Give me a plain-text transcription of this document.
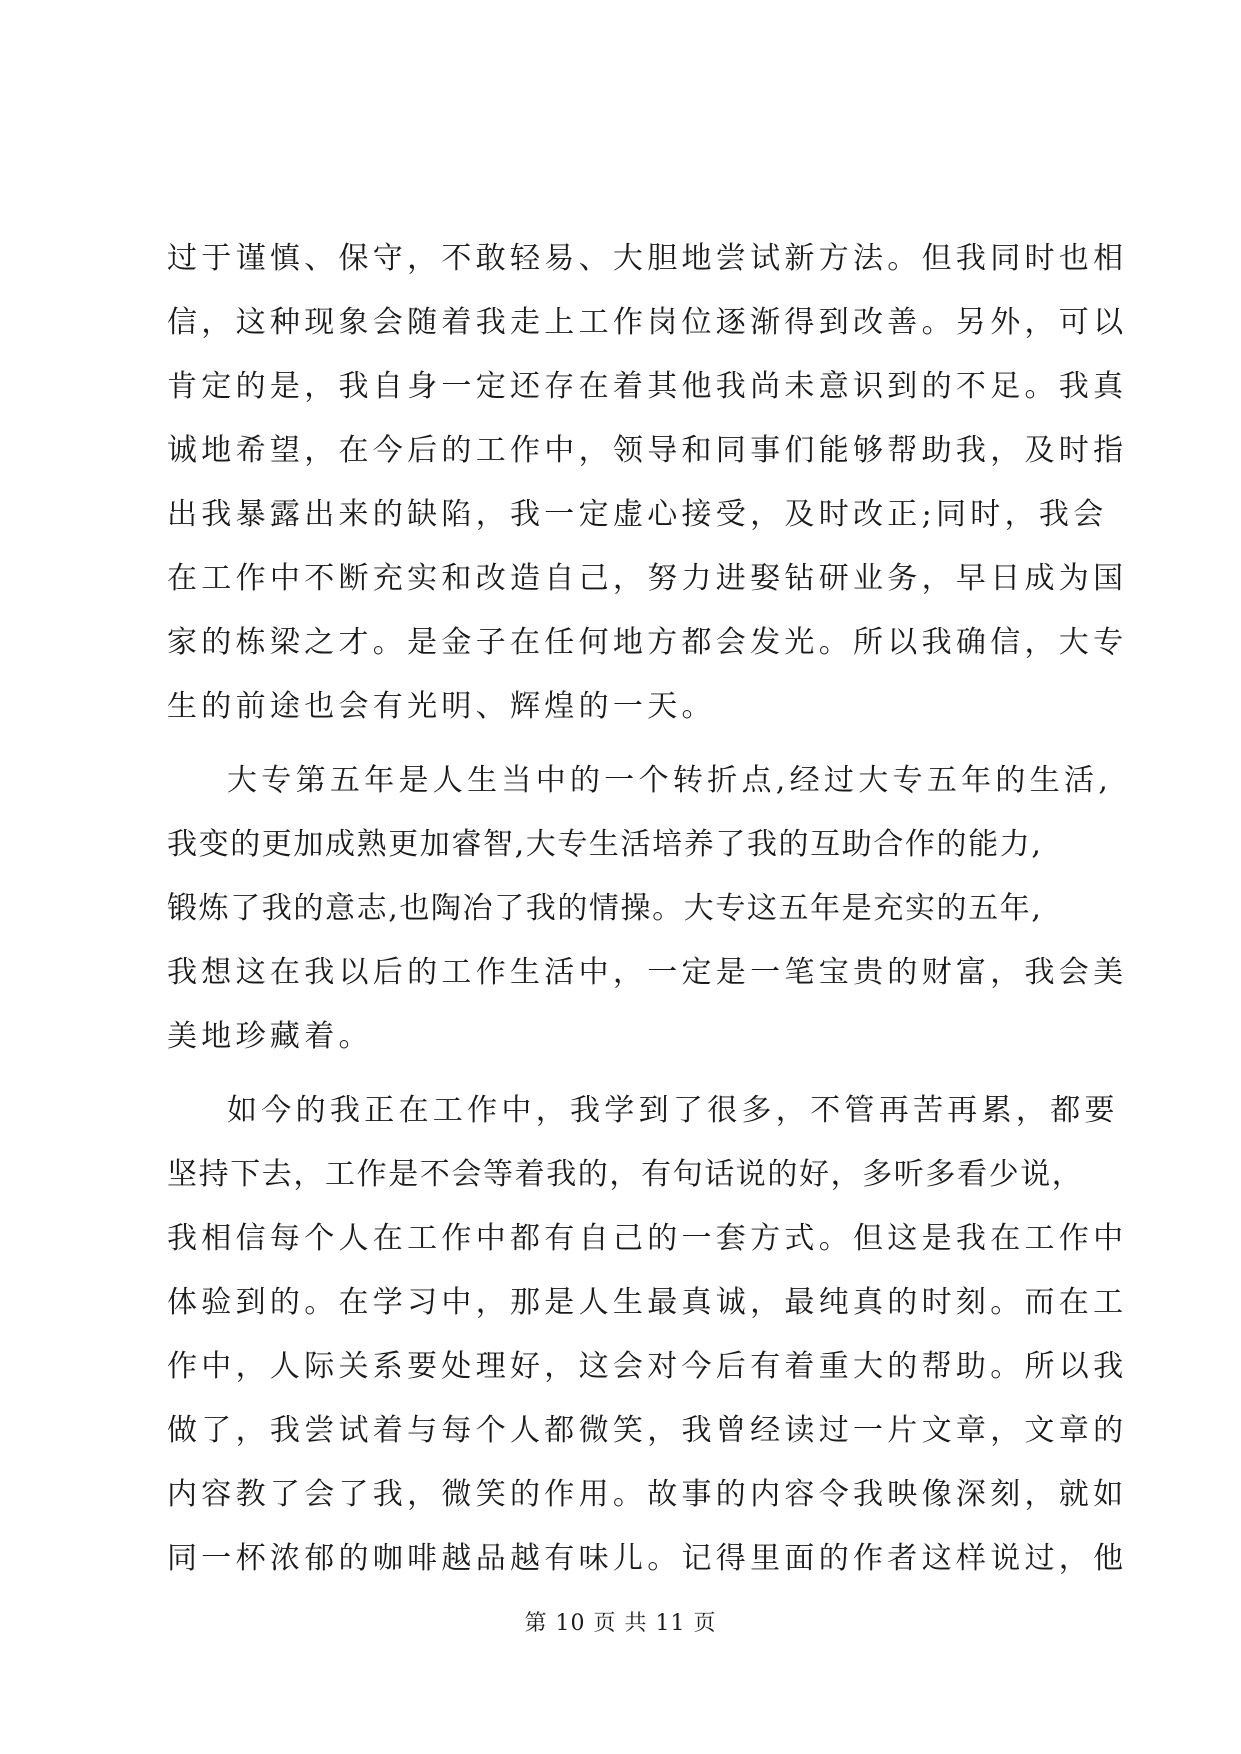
过于谨慎、保守，不敢轻易、大胆地尝试新方法。但我同时也相
信，这种现象会随着我走上工作岗位逐渐得到改善。另外，可以
肯定的是，我自身一定还存在着其他我尚未意识到的不足。我真
诚地希望，在今后的工作中，领导和同事们能够帮助我，及时指
出我暴露出来的缺陷，我一定虚心接受，及时改正;同时，我会
在工作中不断充实和改造自己，努力进娶钻研业务，早日成为国
家的栋梁之才。是金子在任何地方都会发光。所以我确信，大专
生的前途也会有光明、辉煌的一天。
大专第五年是人生当中的一个转折点,经过大专五年的生活,
我变的更加成熟更加睿智,大专生活培养了我的互助合作的能力,
锻炼了我的意志,也陶冶了我的情操。大专这五年是充实的五年,
我想这在我以后的工作生活中，一定是一笔宝贵的财富，我会美
美地珍藏着。
如今的我正在工作中，我学到了很多，不管再苦再累，都要
坚持下去，工作是不会等着我的，有句话说的好，多听多看少说，
我相信每个人在工作中都有自己的一套方式。但这是我在工作中
体验到的。在学习中，那是人生最真诚，最纯真的时刻。而在工
作中，人际关系要处理好，这会对今后有着重大的帮助。所以我
做了，我尝试着与每个人都微笑，我曾经读过一片文章，文章的
内容教了会了我，微笑的作用。故事的内容令我映像深刻，就如
同一杯浓郁的咖啡越品越有味儿。记得里面的作者这样说过，他
第 10 页 共 11 页
